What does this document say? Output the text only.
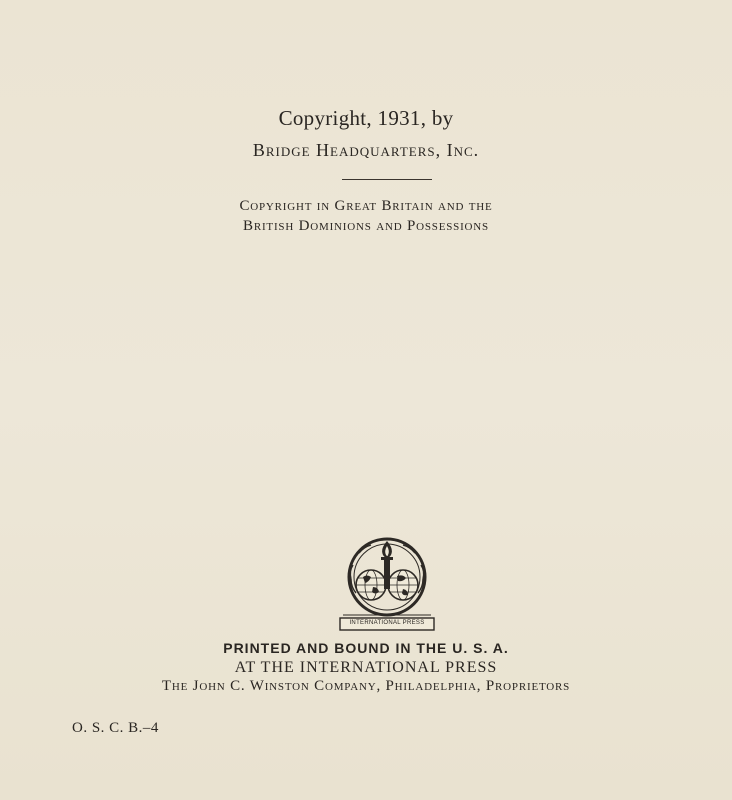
Copyright, 1931, by
Bridge Headquarters, Inc.
Copyright in Great Britain and the
British Dominions and Possessions
INTERNATIONAL PRESS
PRINTED AND BOUND IN THE U. S. A.
AT THE INTERNATIONAL PRESS
The John C. Winston Company, Philadelphia, Proprietors
O. S. C. B.–4
